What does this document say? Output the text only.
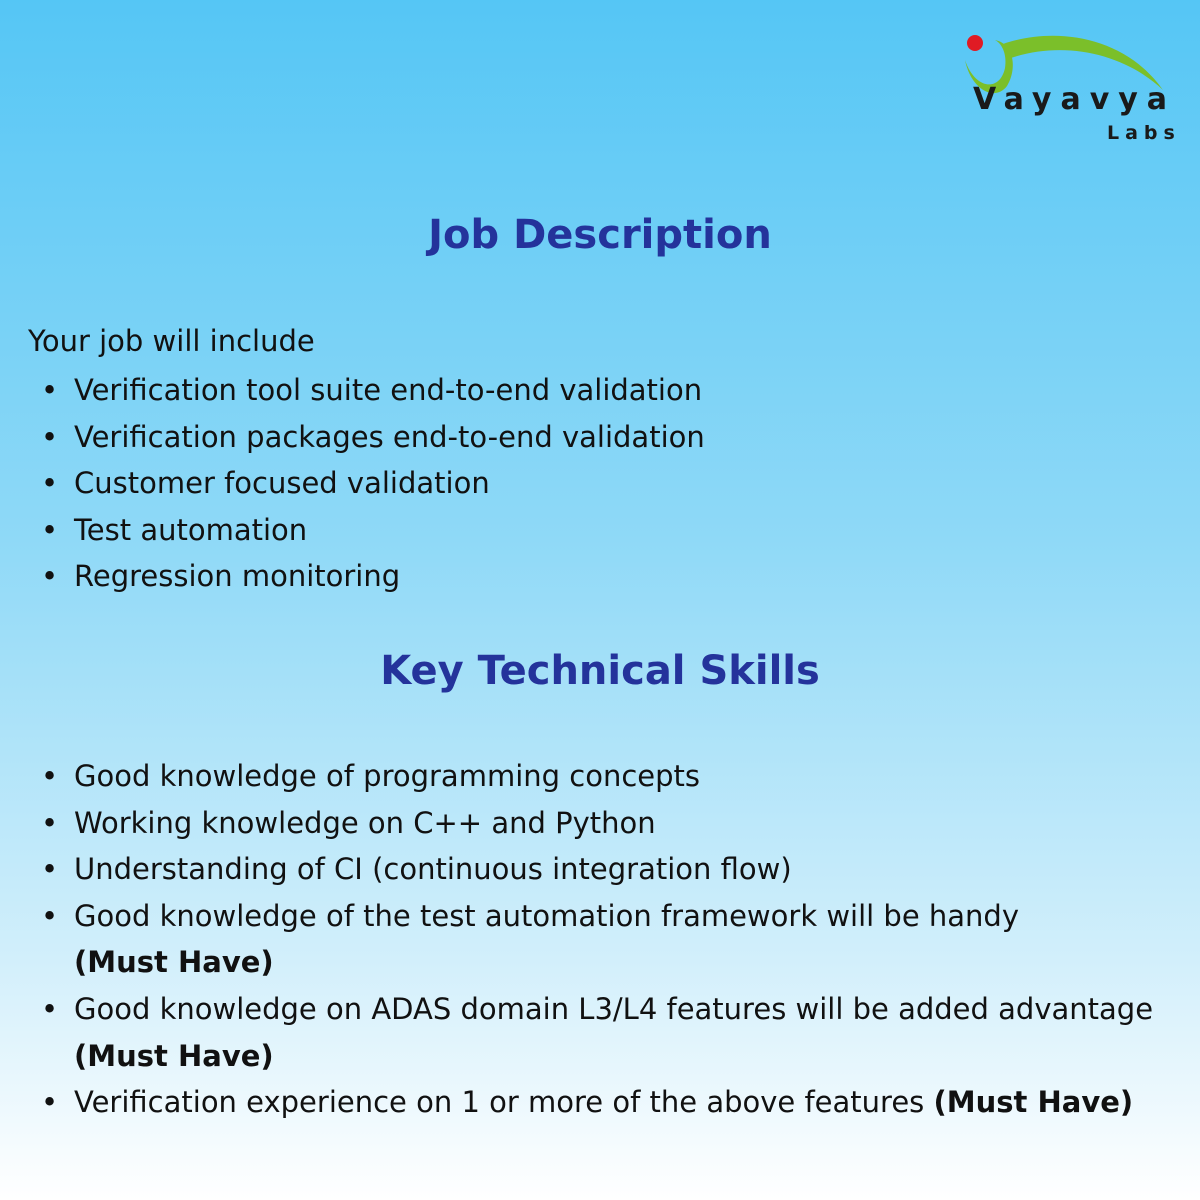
Vayavya
Labs
Job Description

Your job will include

• Verification tool suite end-to-end validation
• Verification packages end-to-end validation
• Customer focused validation
• Test automation
• Regression monitoring
Key Technical Skills
• Good knowledge of programming concepts
• Working knowledge on C++ and Python
• Understanding of CI (continuous integration flow)
• Good knowledge of the test automation framework will be handy
(Must Have)
• Good knowledge on ADAS domain L3/L4 features will be added advantage (Must Have)
• Verification experience on 1 or more of the above features (Must Have)
